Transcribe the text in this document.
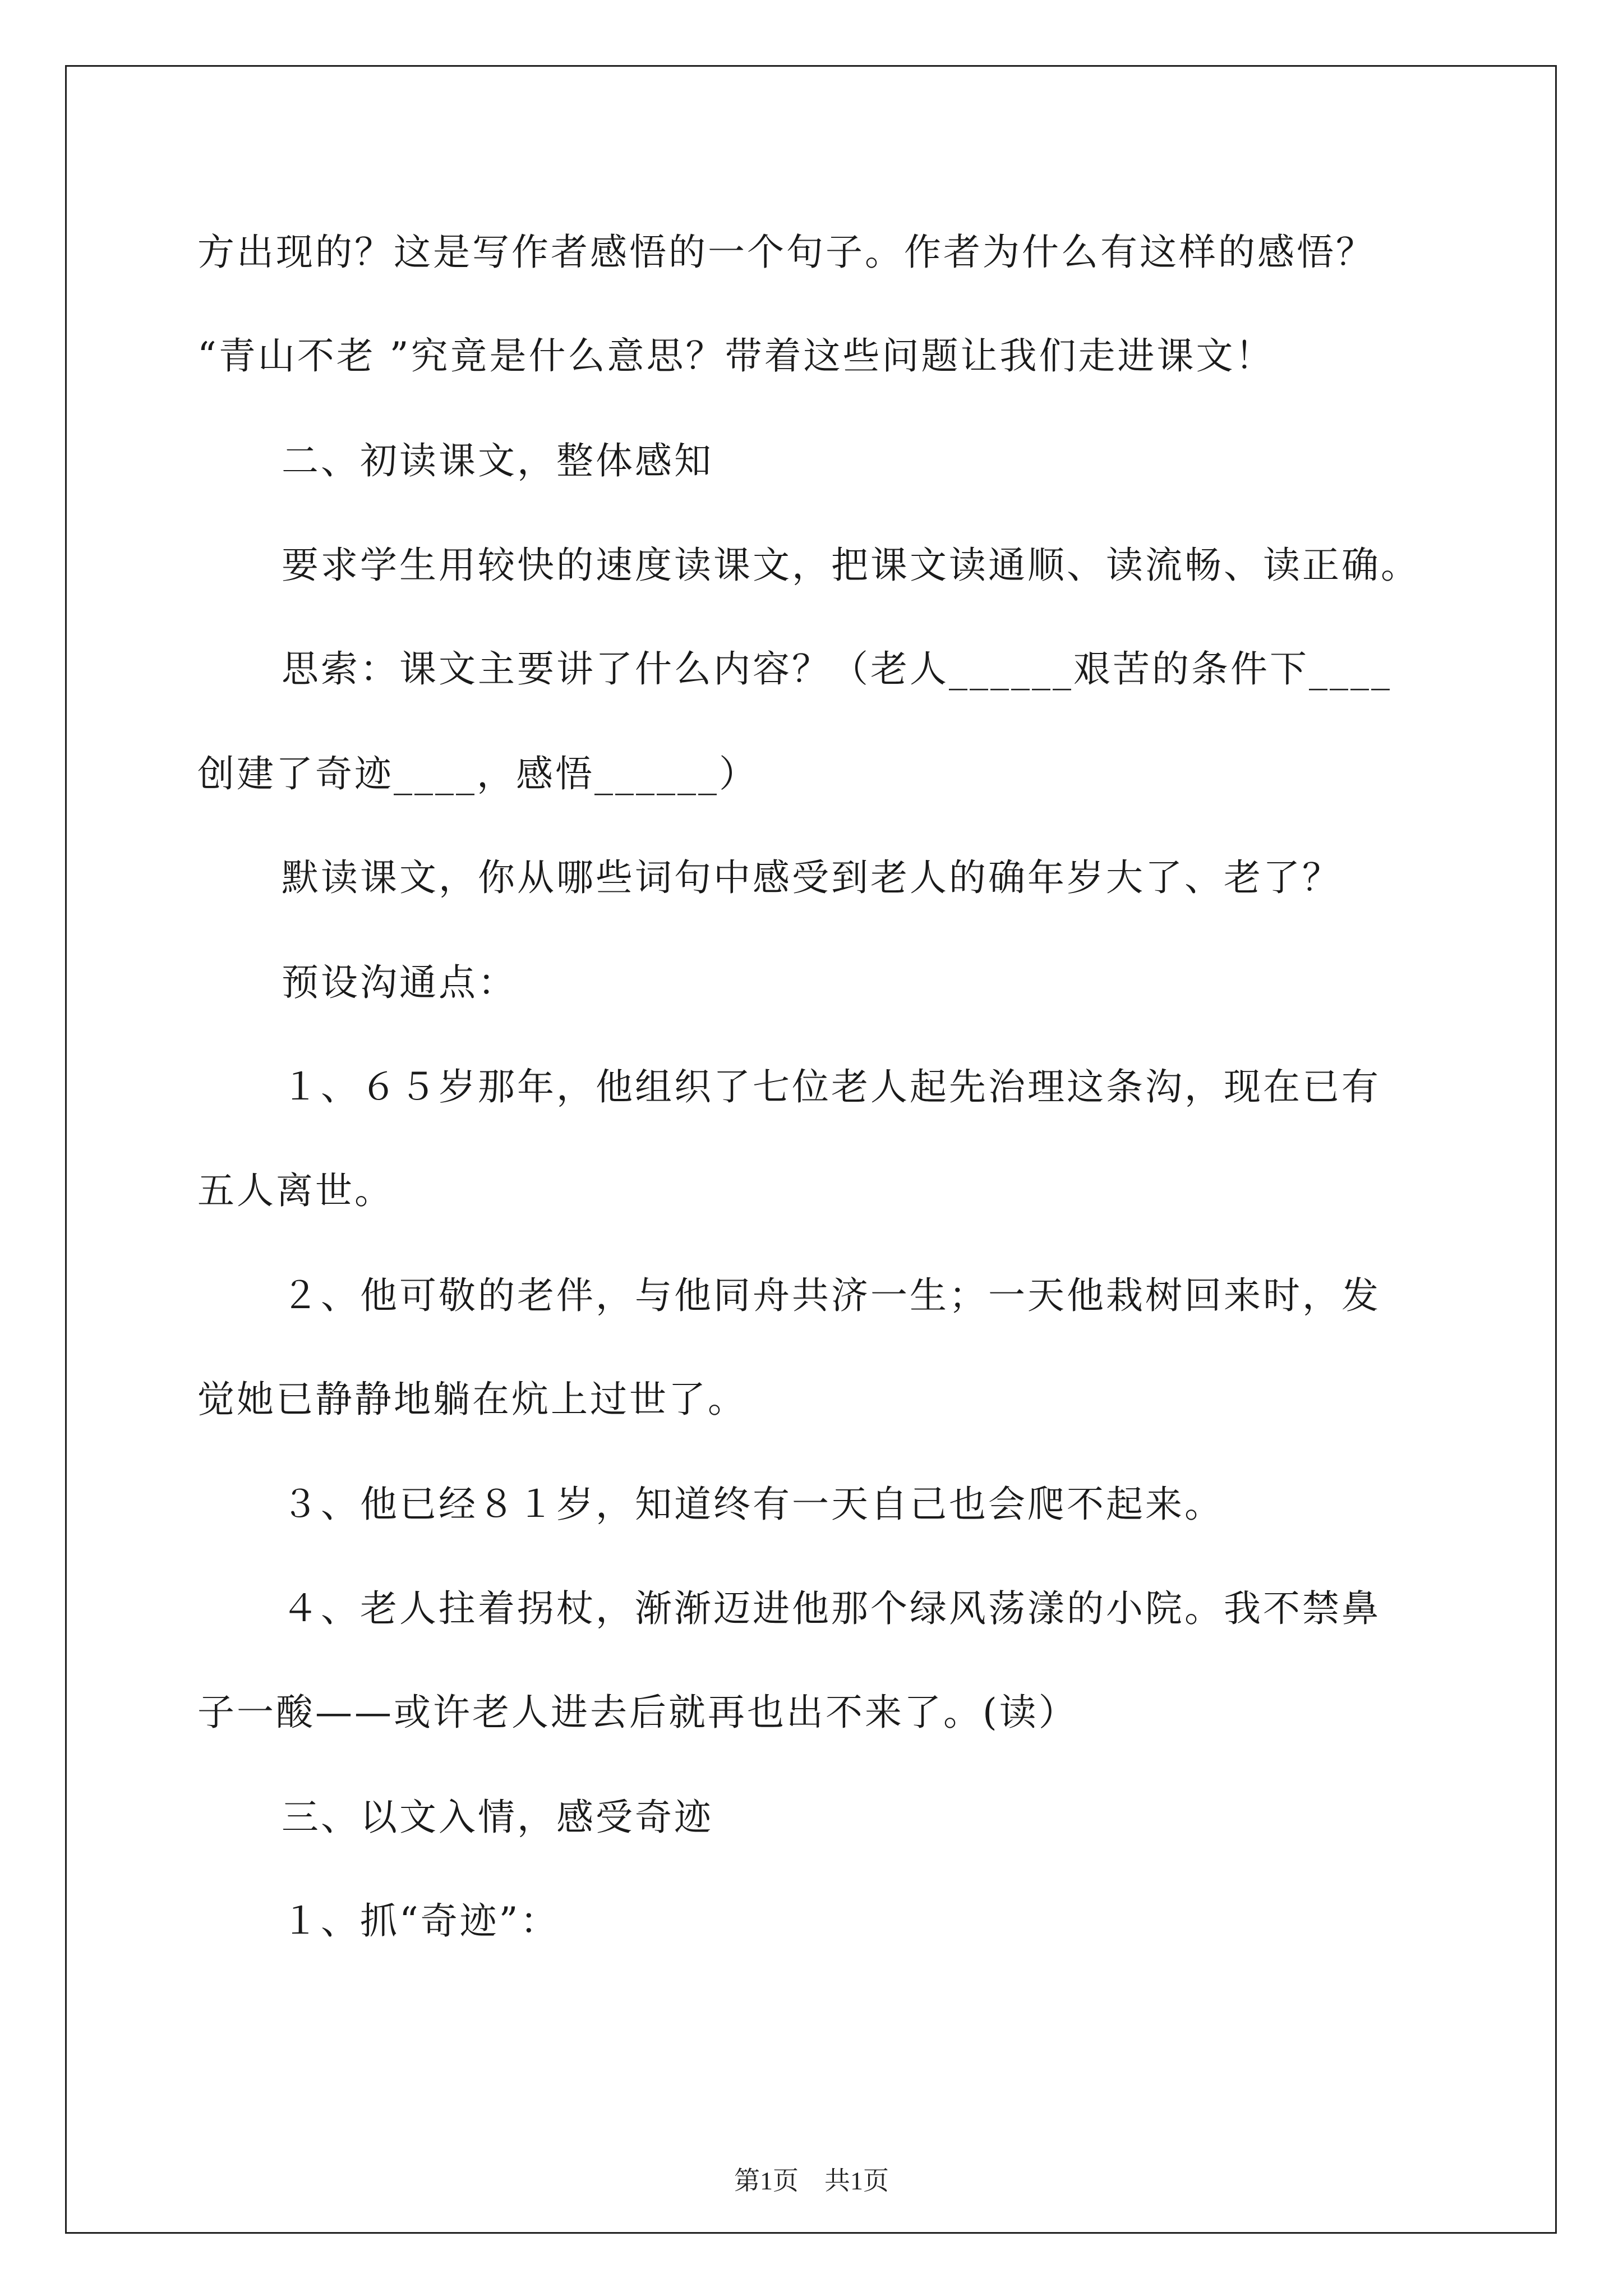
方出现的？这是写作者感悟的一个句子。作者为什么有这样的感悟？
“青山不老 ”究竟是什么意思？带着这些问题让我们走进课文！
二、初读课文，整体感知
要求学生用较快的速度读课文，把课文读通顺、读流畅、读正确。
思索：课文主要讲了什么内容？（老人______艰苦的条件下____
创建了奇迹____，感悟______）
默读课文，你从哪些词句中感受到老人的确年岁大了、老了？
预设沟通点：
１、６５岁那年，他组织了七位老人起先治理这条沟，现在已有
五人离世。
２、他可敬的老伴，与他同舟共济一生；一天他栽树回来时，发
觉她已静静地躺在炕上过世了。
３、他已经８１岁，知道终有一天自己也会爬不起来。
４、老人拄着拐杖，渐渐迈进他那个绿风荡漾的小院。我不禁鼻
子一酸——或许老人进去后就再也出不来了。(读）
三、以文入情，感受奇迹
１、抓“奇迹”：
第1页　共1页
